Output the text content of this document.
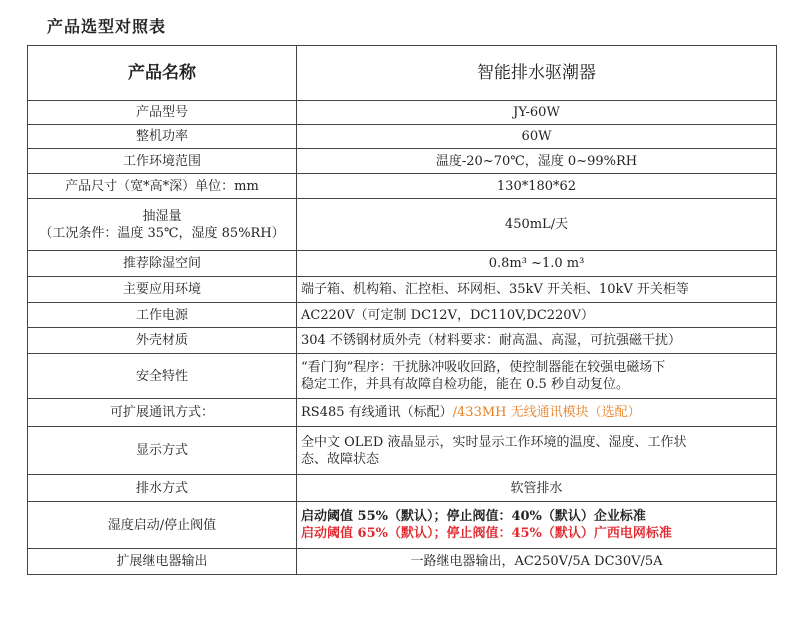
产品选型对照表
产品名称	智能排水驱潮器
产品型号	JY-60W
整机功率	60W
工作环境范围	温度-20~70℃，湿度 0~99%RH
产品尺寸（宽*高*深）单位：mm	130*180*62

抽湿量
（工况条件：温度 35℃，湿度 85%RH）	450mL/天
推荐除湿空间	0.8m³ ~1.0 m³
主要应用环境	端子箱、机构箱、汇控柜、环网柜、35kV 开关柜、10kV 开关柜等
工作电源	AC220V（可定制 DC12V，DC110V,DC220V）
外壳材质	304 不锈钢材质外壳（材料要求：耐高温、高湿，可抗强磁干扰）
安全特性	“看门狗”程序：干扰脉冲吸收回路，使控制器能在较强电磁场下
稳定工作，并具有故障自检功能，能在 0.5 秒自动复位。

可扩展通讯方式：	RS485 有线通讯（标配）/433MH 无线通讯模块（选配）
显示方式	全中文 OLED 液晶显示，实时显示工作环境的温度、湿度、工作状
态、故障状态

排水方式	软管排水
湿度启动/停止阀值	启动阈值 55%（默认）；停止阀值：40%（默认）企业标准
启动阈值 65%（默认）；停止阀值：45%（默认）广西电网标准

扩展继电器输出	一路继电器输出，AC250V/5A DC30V/5A
